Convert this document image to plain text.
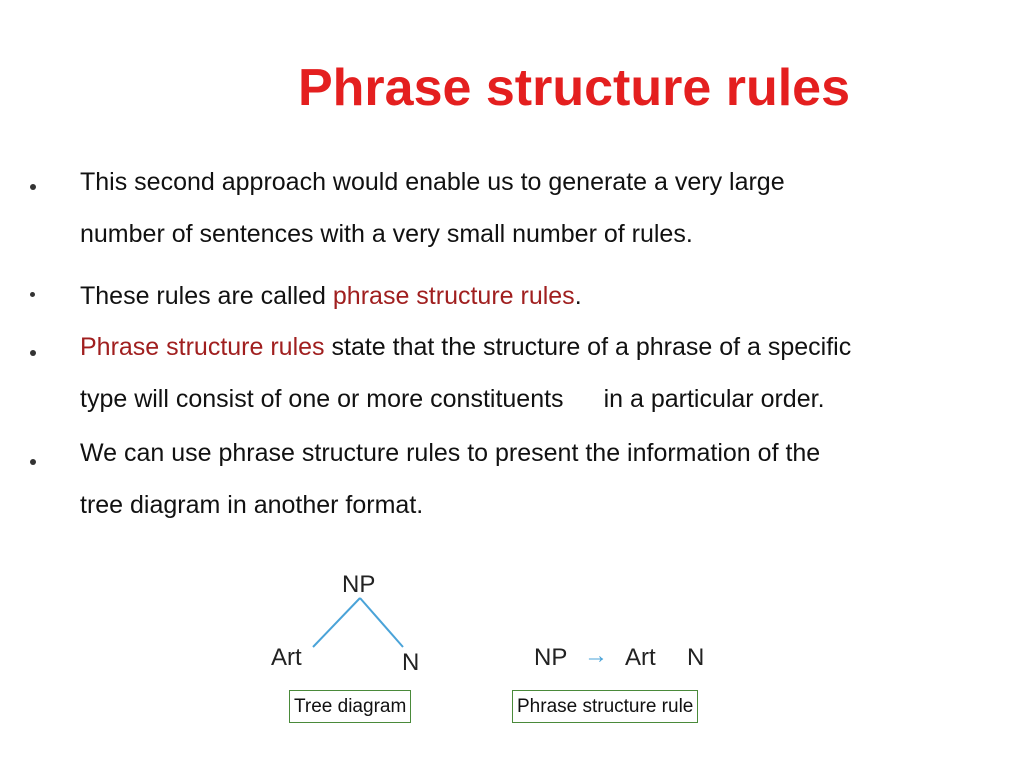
Phrase structure rules
This second approach would enable us to generate a very large
number of sentences with a very small number of rules.
These rules are called phrase structure rules.
Phrase structure rules state that the structure of a phrase of a specific
type will consist of one or more constituents in a particular order.
We can use phrase structure rules to present the information of the
tree diagram in another format.
NP
Art	N	NP → Art N
Tree diagram	Phrase structure rule
